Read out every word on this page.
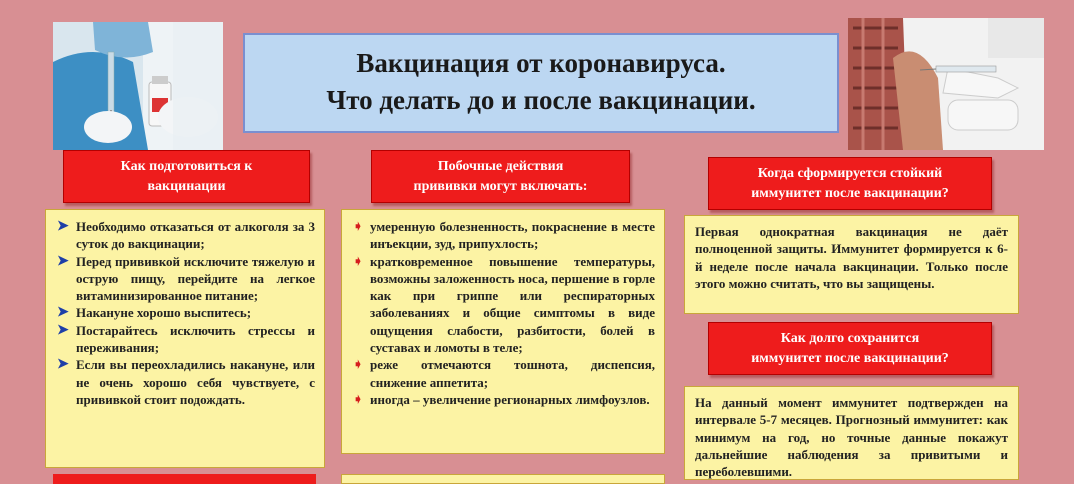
Вакцинация от коронавируса.
Что делать до и после вакцинации.
Как подготовиться к
вакцинации
➤ Необходимо отказаться от алкоголя за 3 суток до вакцинации;
➤ Перед прививкой исключите тяжелую и острую пищу, перейдите на легкое витаминизированное питание;
➤ Накануне хорошо выспитесь;
➤ Постарайтесь исключить стрессы и переживания;
➤ Если вы переохладились накануне, или не очень хорошо себя чувствуете, с прививкой стоит подождать.
Побочные действия
прививки могут включать:
➧ умеренную болезненность, покраснение в месте инъекции, зуд, припухлость;
➧ кратковременное повышение температуры, возможны заложенность носа, першение в горле как при гриппе или респираторных заболеваниях и общие симптомы в виде ощущения слабости, разбитости, болей в суставах и ломоты в теле;
➧ реже отмечаются тошнота, диспепсия, снижение аппетита;
➧ иногда – увеличение регионарных лимфоузлов.
Когда сформируется стойкий
иммунитет после вакцинации?
Первая однократная вакцинация не даёт полноценной защиты. Иммунитет формируется к 6-й неделе после начала вакцинации. Только после этого можно считать, что вы защищены.
Как долго сохранится
иммунитет после вакцинации?
На данный момент иммунитет подтвержден на интервале 5-7 месяцев. Прогнозный иммунитет: как минимум на год, но точные данные покажут дальнейшие наблюдения за привитыми и переболевшими.
